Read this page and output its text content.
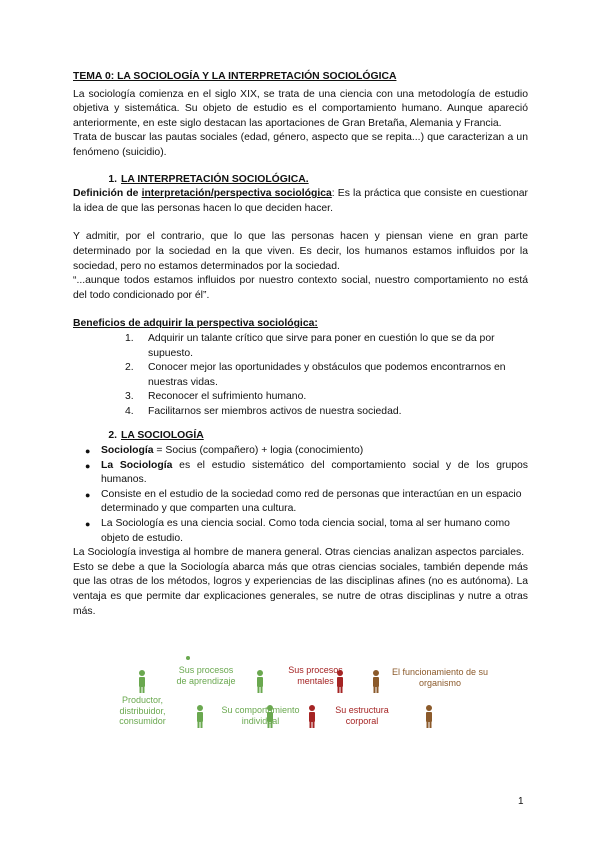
TEMA 0: LA SOCIOLOGÍA Y LA INTERPRETACIÓN SOCIOLÓGICA

La sociología comienza en el siglo XIX, se trata de una ciencia con una metodología de estudio objetiva y sistemática. Su objeto de estudio es el comportamiento humano. Aunque apareció anteriormente, en este siglo destacan las aportaciones de Gran Bretaña, Alemania y Francia.

Trata de buscar las pautas sociales (edad, género, aspecto que se repita...) que caracterizan a un fenómeno (suicidio).

1. LA INTERPRETACIÓN SOCIOLÓGICA.

Definición de interpretación/perspectiva sociológica: Es la práctica que consiste en cuestionar la idea de que las personas hacen lo que deciden hacer.

Y admitir, por el contrario, que lo que las personas hacen y piensan viene en gran parte determinado por la sociedad en la que viven. Es decir, los humanos estamos influidos por la sociedad, pero no estamos determinados por la sociedad.

“...aunque todos estamos influidos por nuestro contexto social, nuestro comportamiento no está del todo condicionado por él”.

Beneficios de adquirir la perspectiva sociológica:

1. Adquirir un talante crítico que sirve para poner en cuestión lo que se da por supuesto.
2. Conocer mejor las oportunidades y obstáculos que podemos encontrarnos en nuestras vidas.
3. Reconocer el sufrimiento humano.
4. Facilitarnos ser miembros activos de nuestra sociedad.
2. LA SOCIOLOGÍA
● Sociología = Socius (compañero) + logia (conocimiento)
● La Sociología es el estudio sistemático del comportamiento social y de los grupos humanos.
● Consiste en el estudio de la sociedad como red de personas que interactúan en un espacio determinado y que comparten una cultura.
● La Sociología es una ciencia social. Como toda ciencia social, toma al ser humano como objeto de estudio.

La Sociología investiga al hombre de manera general. Otras ciencias analizan aspectos parciales.

Esto se debe a que la Sociología abarca más que otras ciencias sociales, también depende más que las otras de los métodos, logros y experiencias de las disciplinas afines (no es autónoma). La ventaja es que permite dar explicaciones generales, se nutre de otras disciplinas y nutre a otras más.

Productor, distribuidor, consumidor
Sus procesos de aprendizaje
Su comportamiento individual
Sus procesos mentales
Su estructura corporal
El funcionamiento de su organismo
1
